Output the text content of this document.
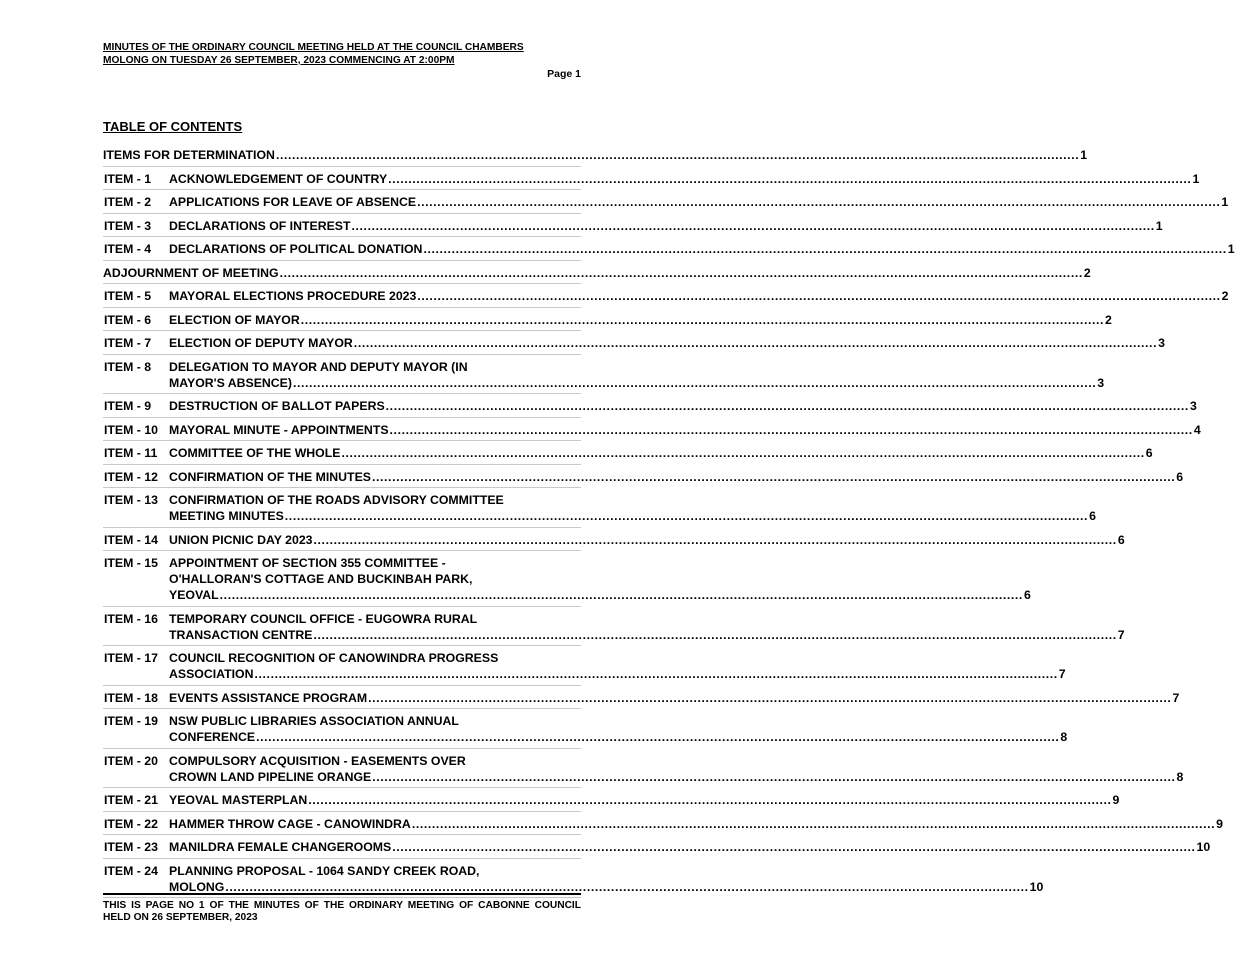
MINUTES OF THE ORDINARY COUNCIL MEETING HELD AT THE COUNCIL CHAMBERS
MOLONG ON TUESDAY 26 SEPTEMBER, 2023 COMMENCING AT 2:00PM
Page 1
TABLE OF CONTENTS
ITEMS FOR DETERMINATION ........................................................................................................................................................................................................ 1
ITEM - 1 ACKNOWLEDGEMENT OF COUNTRY ........................................................................................................................................................................................................ 1
ITEM - 2 APPLICATIONS FOR LEAVE OF ABSENCE ........................................................................................................................................................................................................ 1
ITEM - 3 DECLARATIONS OF INTEREST ........................................................................................................................................................................................................ 1
ITEM - 4 DECLARATIONS OF POLITICAL DONATION ........................................................................................................................................................................................................ 1
ADJOURNMENT OF MEETING ........................................................................................................................................................................................................ 2
ITEM - 5 MAYORAL ELECTIONS PROCEDURE 2023 ........................................................................................................................................................................................................ 2
ITEM - 6 ELECTION OF MAYOR ........................................................................................................................................................................................................ 2
ITEM - 7 ELECTION OF DEPUTY MAYOR ........................................................................................................................................................................................................ 3
ITEM - 8 DELEGATION TO MAYOR AND DEPUTY MAYOR (IN
MAYOR'S ABSENCE) ........................................................................................................................................................................................................ 3
ITEM - 9 DESTRUCTION OF BALLOT PAPERS ........................................................................................................................................................................................................ 3
ITEM - 10 MAYORAL MINUTE - APPOINTMENTS ........................................................................................................................................................................................................ 4
ITEM - 11 COMMITTEE OF THE WHOLE ........................................................................................................................................................................................................ 6
ITEM - 12 CONFIRMATION OF THE MINUTES ........................................................................................................................................................................................................ 6
ITEM - 13 CONFIRMATION OF THE ROADS ADVISORY COMMITTEE
MEETING MINUTES ........................................................................................................................................................................................................ 6
ITEM - 14 UNION PICNIC DAY 2023 ........................................................................................................................................................................................................ 6
ITEM - 15 APPOINTMENT OF SECTION 355 COMMITTEE -
O'HALLORAN'S COTTAGE AND BUCKINBAH PARK,
YEOVAL ........................................................................................................................................................................................................ 6
ITEM - 16 TEMPORARY COUNCIL OFFICE - EUGOWRA RURAL
TRANSACTION CENTRE ........................................................................................................................................................................................................ 7
ITEM - 17 COUNCIL RECOGNITION OF CANOWINDRA PROGRESS
ASSOCIATION ........................................................................................................................................................................................................ 7
ITEM - 18 EVENTS ASSISTANCE PROGRAM ........................................................................................................................................................................................................ 7
ITEM - 19 NSW PUBLIC LIBRARIES ASSOCIATION ANNUAL
CONFERENCE ........................................................................................................................................................................................................ 8
ITEM - 20 COMPULSORY ACQUISITION - EASEMENTS OVER
CROWN LAND PIPELINE ORANGE ........................................................................................................................................................................................................ 8
ITEM - 21 YEOVAL MASTERPLAN ........................................................................................................................................................................................................ 9
ITEM - 22 HAMMER THROW CAGE - CANOWINDRA ........................................................................................................................................................................................................ 9
ITEM - 23 MANILDRA FEMALE CHANGEROOMS ........................................................................................................................................................................................................ 10
ITEM - 24 PLANNING PROPOSAL - 1064 SANDY CREEK ROAD,
MOLONG ........................................................................................................................................................................................................ 10
THIS IS PAGE NO 1 OF THE MINUTES OF THE ORDINARY MEETING OF CABONNE COUNCIL HELD ON 26 SEPTEMBER, 2023
